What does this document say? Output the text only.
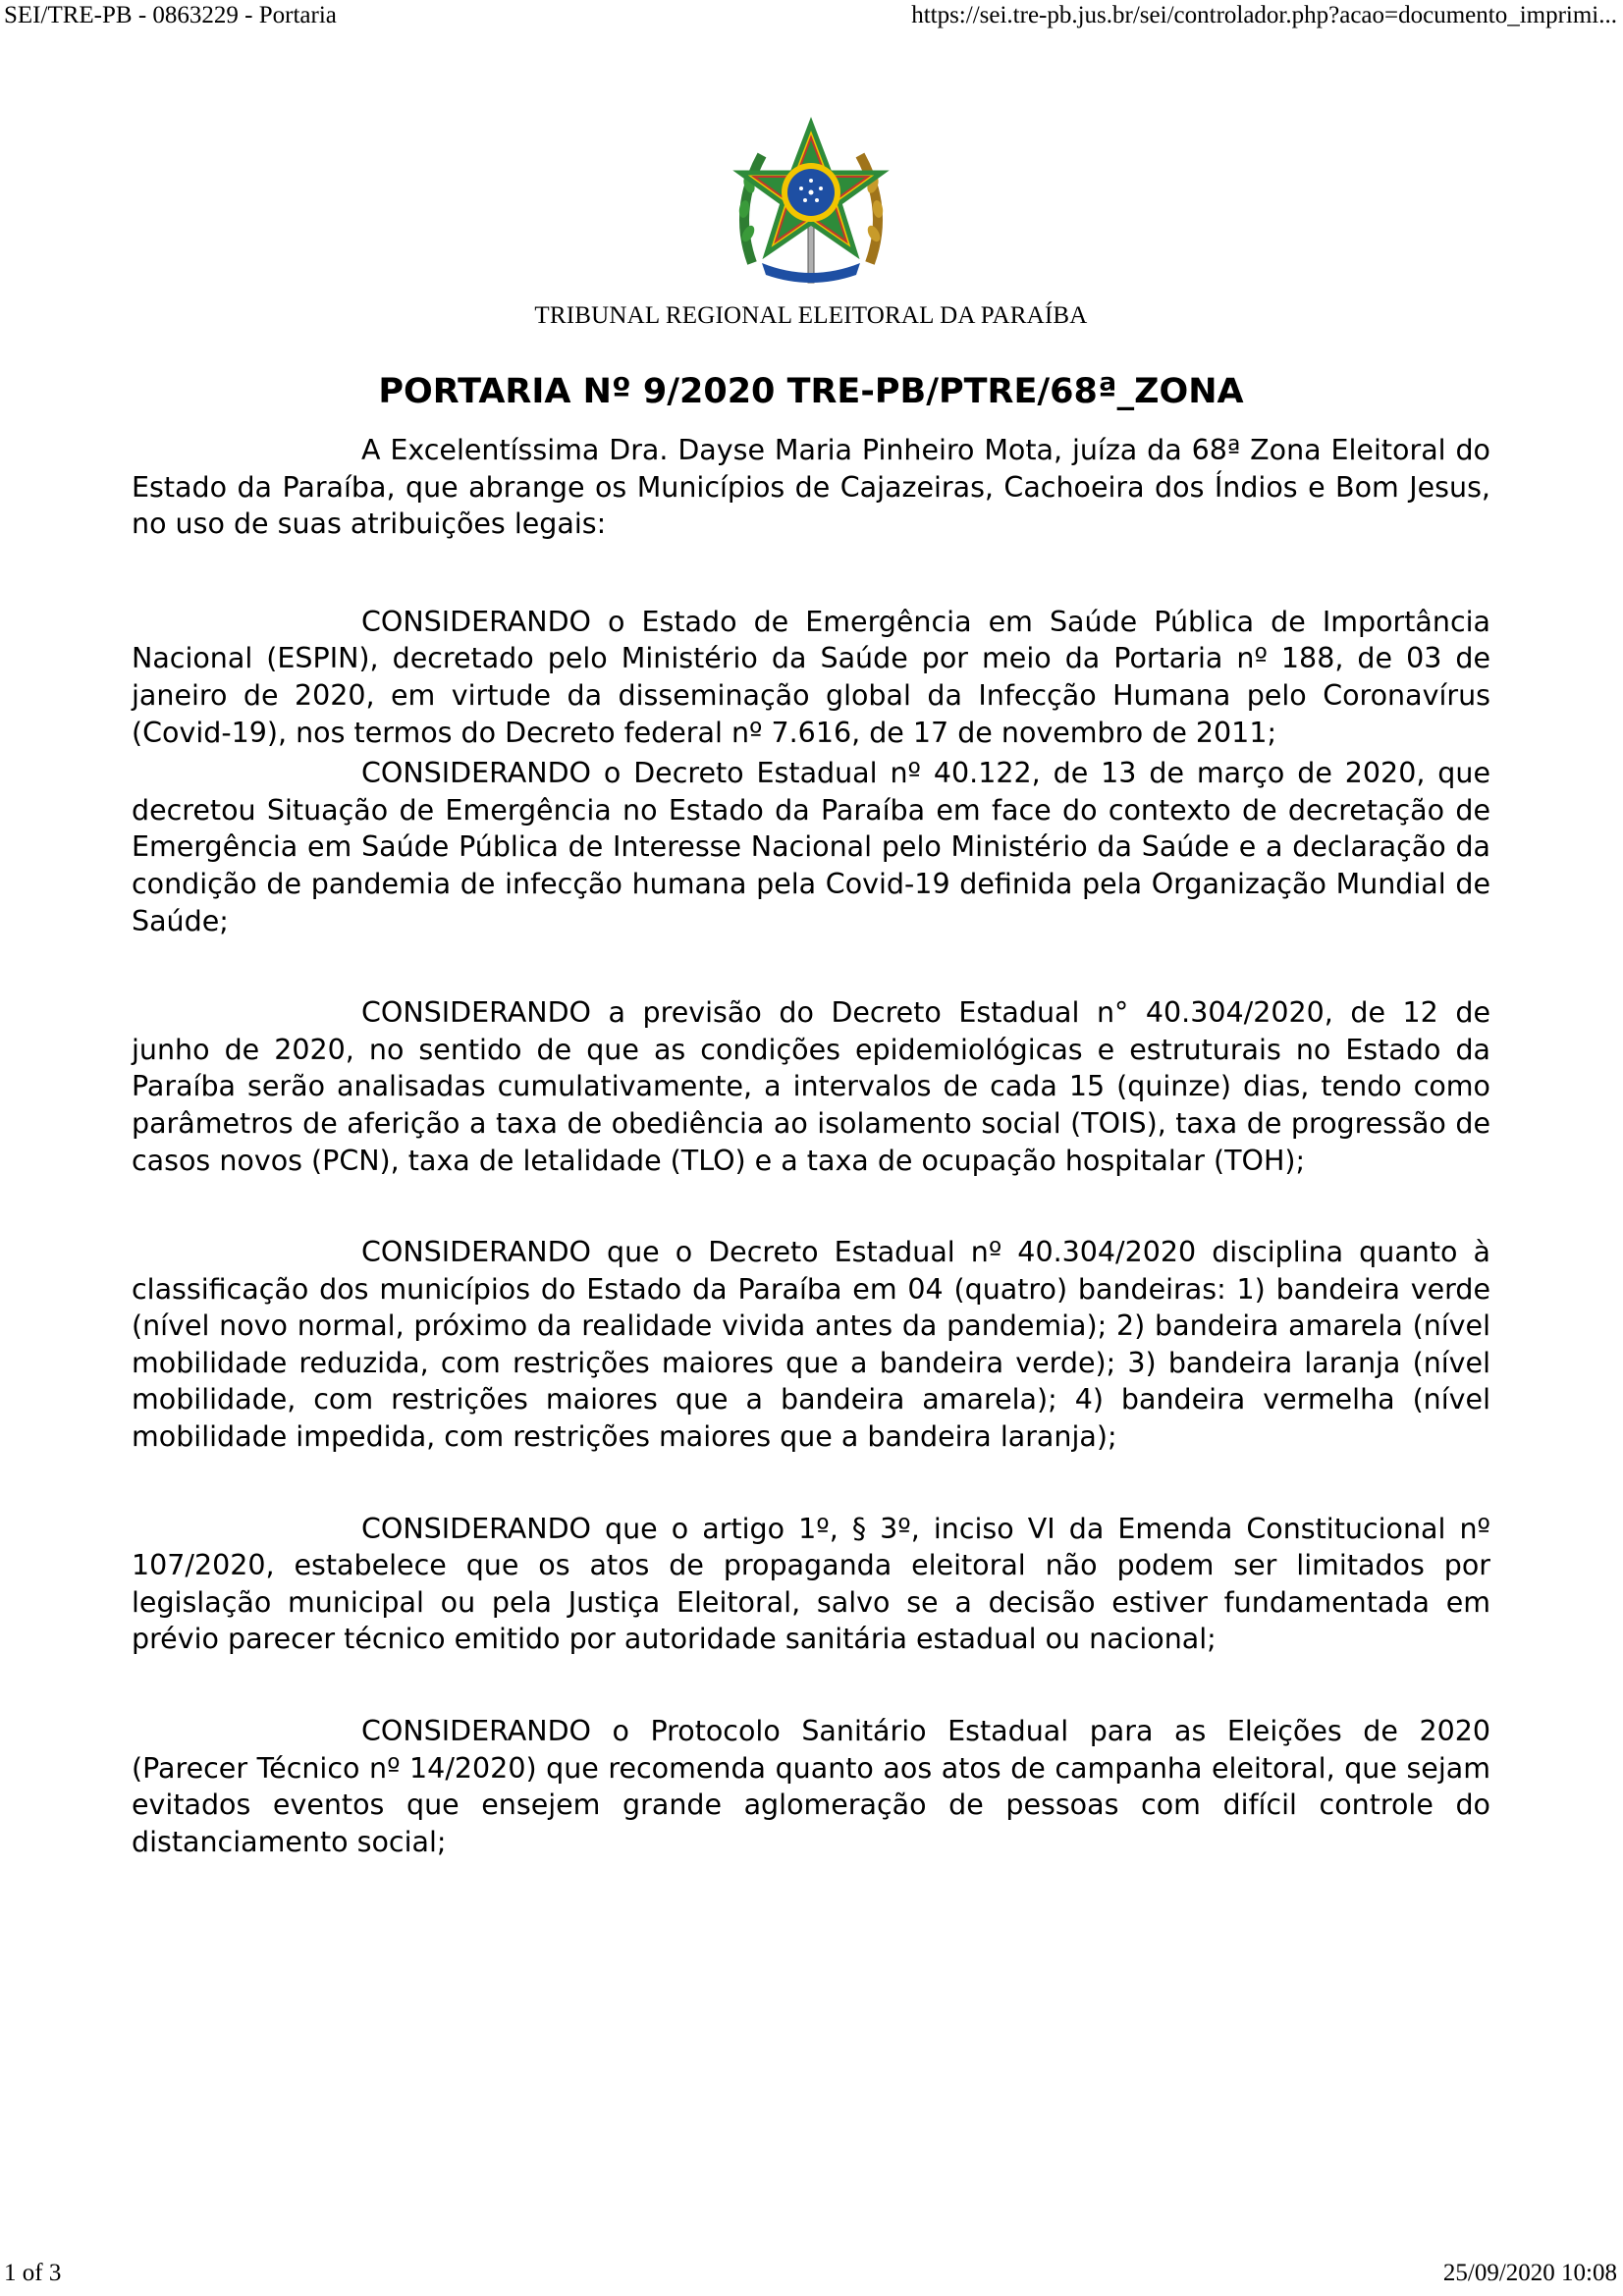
SEI/TRE-PB - 0863229 - Portaria	https://sei.tre-pb.jus.br/sei/controlador.php?acao=documento_imprimi...
TRIBUNAL REGIONAL ELEITORAL DA PARAÍBA
PORTARIA Nº 9/2020 TRE-PB/PTRE/68ª_ZONA

A Excelentíssima Dra. Dayse Maria Pinheiro Mota, juíza da 68ª Zona Eleitoral do Estado da Paraíba, que abrange os Municípios de Cajazeiras, Cachoeira dos Índios e Bom Jesus, no uso de suas atribuições legais:

CONSIDERANDO o Estado de Emergência em Saúde Pública de Importância Nacional (ESPIN), decretado pelo Ministério da Saúde por meio da Portaria nº 188, de 03 de janeiro de 2020, em virtude da disseminação global da Infecção Humana pelo Coronavírus (Covid-19), nos termos do Decreto federal nº 7.616, de 17 de novembro de 2011;

CONSIDERANDO o Decreto Estadual nº 40.122, de 13 de março de 2020, que decretou Situação de Emergência no Estado da Paraíba em face do contexto de decretação de Emergência em Saúde Pública de Interesse Nacional pelo Ministério da Saúde e a declaração da condição de pandemia de infecção humana pela Covid-19 definida pela Organização Mundial de Saúde;

CONSIDERANDO a previsão do Decreto Estadual n° 40.304/2020, de 12 de junho de 2020, no sentido de que as condições epidemiológicas e estruturais no Estado da Paraíba serão analisadas cumulativamente, a intervalos de cada 15 (quinze) dias, tendo como parâmetros de aferição a taxa de obediência ao isolamento social (TOIS), taxa de progressão de casos novos (PCN), taxa de letalidade (TLO) e a taxa de ocupação hospitalar (TOH);

CONSIDERANDO que o Decreto Estadual nº 40.304/2020 disciplina quanto à classificação dos municípios do Estado da Paraíba em 04 (quatro) bandeiras: 1) bandeira verde (nível novo normal, próximo da realidade vivida antes da pandemia); 2) bandeira amarela (nível mobilidade reduzida, com restrições maiores que a bandeira verde); 3) bandeira laranja (nível mobilidade, com restrições maiores que a bandeira amarela); 4) bandeira vermelha (nível mobilidade impedida, com restrições maiores que a bandeira laranja);

CONSIDERANDO que o artigo 1º, § 3º, inciso VI da Emenda Constitucional nº 107/2020, estabelece que os atos de propaganda eleitoral não podem ser limitados por legislação municipal ou pela Justiça Eleitoral, salvo se a decisão estiver fundamentada em prévio parecer técnico emitido por autoridade sanitária estadual ou nacional;

CONSIDERANDO o Protocolo Sanitário Estadual para as Eleições de 2020 (Parecer Técnico nº 14/2020) que recomenda quanto aos atos de campanha eleitoral, que sejam evitados eventos que ensejem grande aglomeração de pessoas com difícil controle do distanciamento social;

1 of 3	25/09/2020 10:08
